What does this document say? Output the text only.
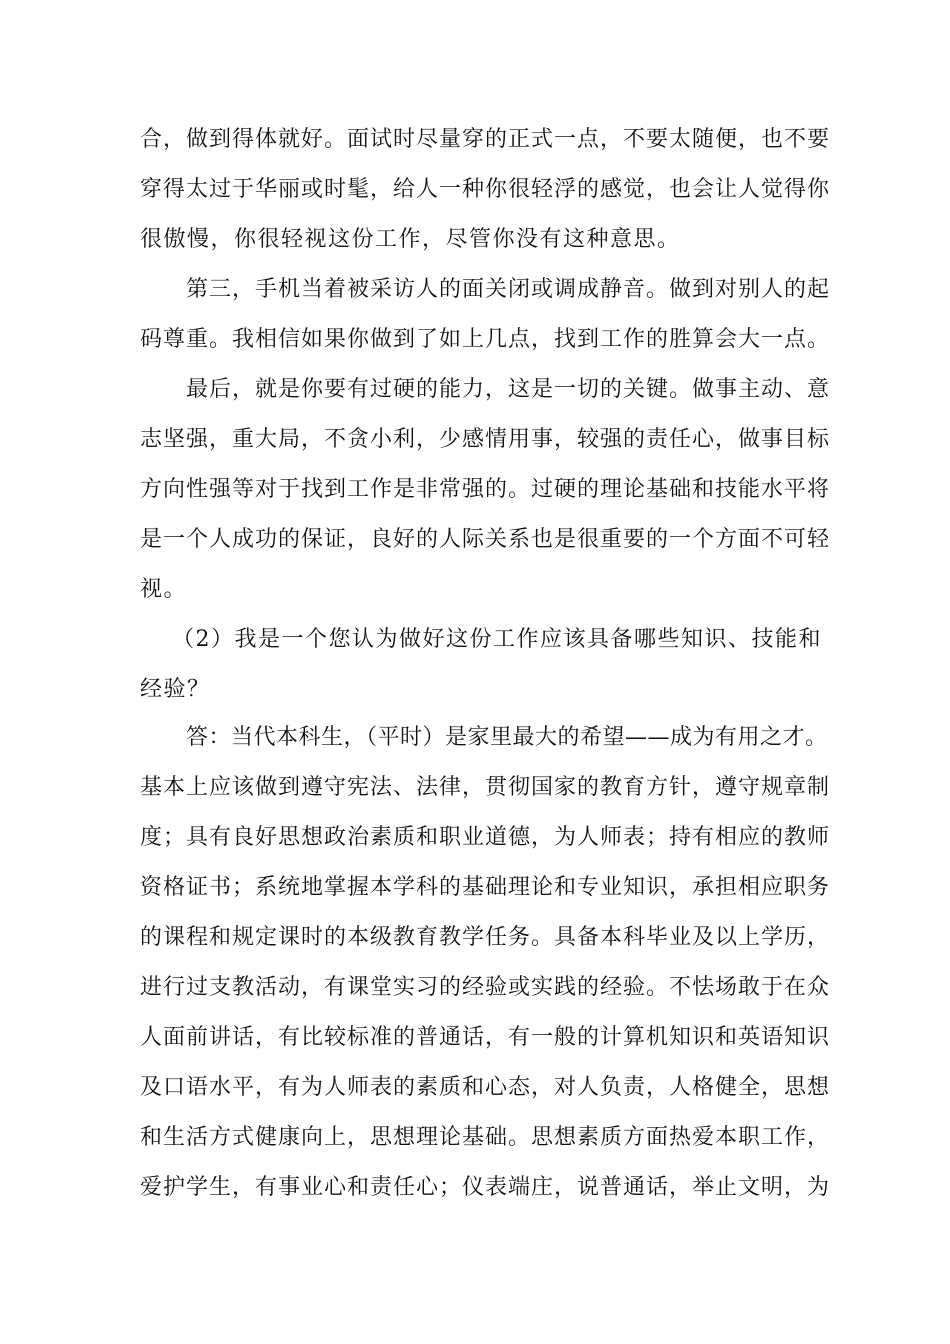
合，做到得体就好。面试时尽量穿的正式一点，不要太随便，也不要
穿得太过于华丽或时髦，给人一种你很轻浮的感觉，也会让人觉得你
很傲慢，你很轻视这份工作，尽管你没有这种意思。
第三，手机当着被采访人的面关闭或调成静音。做到对别人的起
码尊重。我相信如果你做到了如上几点，找到工作的胜算会大一点。
最后，就是你要有过硬的能力，这是一切的关键。做事主动、意
志坚强，重大局，不贪小利，少感情用事，较强的责任心，做事目标
方向性强等对于找到工作是非常强的。过硬的理论基础和技能水平将
是一个人成功的保证，良好的人际关系也是很重要的一个方面不可轻
视。
（2）我是一个您认为做好这份工作应该具备哪些知识、技能和
经验？
答：当代本科生，（平时）是家里最大的希望——成为有用之才。
基本上应该做到遵守宪法、法律，贯彻国家的教育方针，遵守规章制
度；具有良好思想政治素质和职业道德，为人师表；持有相应的教师
资格证书；系统地掌握本学科的基础理论和专业知识，承担相应职务
的课程和规定课时的本级教育教学任务。具备本科毕业及以上学历，
进行过支教活动，有课堂实习的经验或实践的经验。不怯场敢于在众
人面前讲话，有比较标准的普通话，有一般的计算机知识和英语知识
及口语水平，有为人师表的素质和心态，对人负责，人格健全，思想
和生活方式健康向上，思想理论基础。思想素质方面热爱本职工作，
爱护学生，有事业心和责任心；仪表端庄，说普通话，举止文明，为
